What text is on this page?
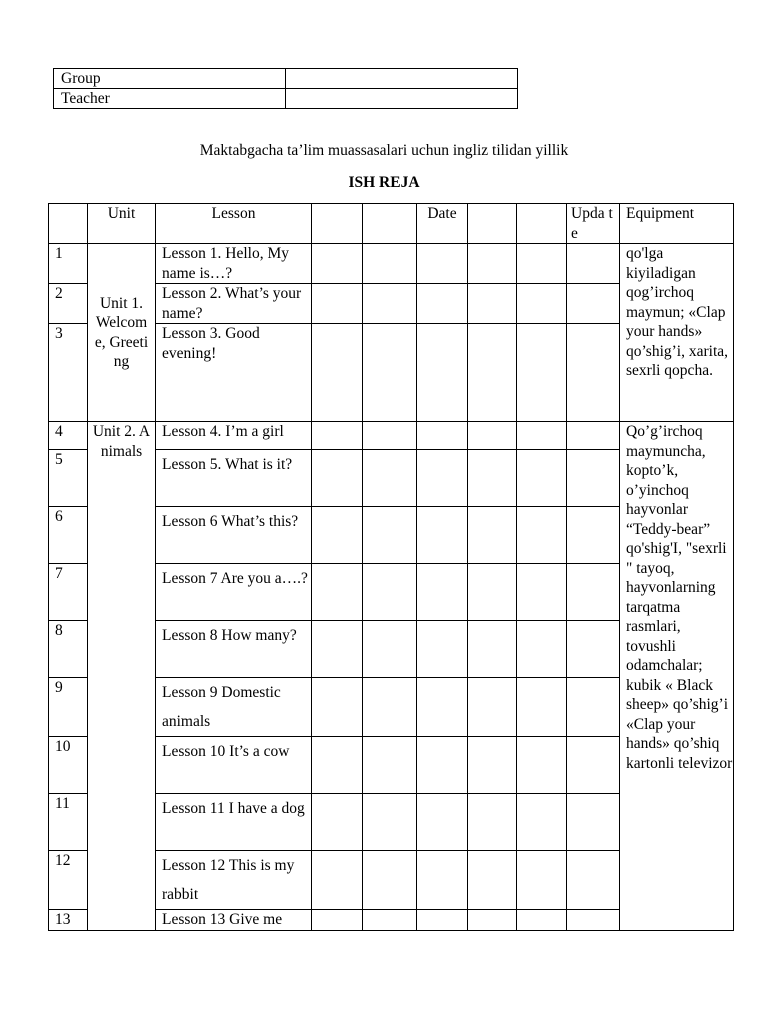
Group	
Teacher	
Maktabgacha ta’lim muassasalari uchun ingliz tilidan yillik
ISH REJA
	Unit	Lesson			Date			Upda te	Equipment
1	Unit 1. Welcome, Greeting	Lesson 1. Hello, My name is…?							qo'lga kiyiladigan qog’irchoq maymun; «Clap your hands» qo’shig’i, xarita, sexrli qopcha.
2		Lesson 2. What’s your name?							
3		Lesson 3. Good evening!							
4	Unit 2. Animals	Lesson 4. I’m a girl							Qo’g’irchoq maymuncha, kopto’k, o’yinchoq hayvonlar “Teddy-bear” qo'shig'I, "sexrli " tayoq, hayvonlarning tarqatma rasmlari, tovushli odamchalar; kubik « Black sheep» qo’shig’i «Clap your hands» qo’shiq kartonli televizor
5		Lesson 5. What is it?							
6		Lesson 6 What’s this?							
7		Lesson 7 Are you a….?							
8		Lesson 8 How many?							
9		Lesson 9 Domestic animals							
10		Lesson 10 It’s a cow							
11		Lesson 11 I have a dog							
12		Lesson 12 This is my rabbit							
13		Lesson 13 Give me							
